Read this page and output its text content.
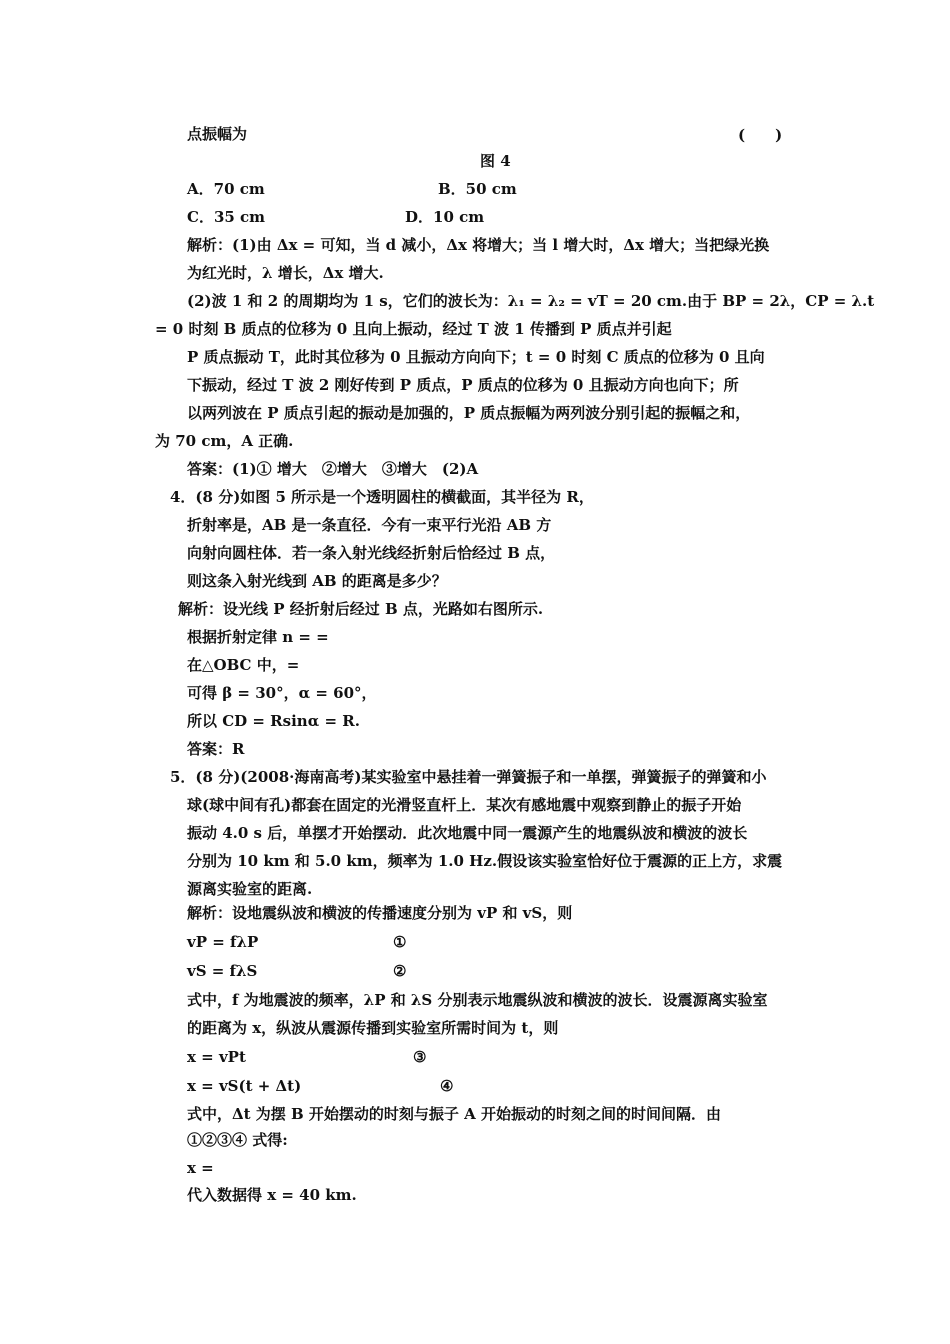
(　　)
点振幅为
图 4
A．70 cm	B．50 cm
C．35 cm	D．10 cm
解析：(1)由 Δx = 可知，当 d 减小，Δx 将增大；当 l 增大时，Δx 增大；当把绿光换
为红光时，λ 增长，Δx 增大.
(2)波 1 和 2 的周期均为 1 s，它们的波长为：λ₁ = λ₂ = vT = 20 cm.由于 BP = 2λ，CP = λ.t
= 0 时刻 B 质点的位移为 0 且向上振动，经过 T 波 1 传播到 P 质点并引起
P 质点振动 T，此时其位移为 0 且振动方向向下；t = 0 时刻 C 质点的位移为 0 且向
下振动，经过 T 波 2 刚好传到 P 质点，P 质点的位移为 0 且振动方向也向下；所
以两列波在 P 质点引起的振动是加强的，P 质点振幅为两列波分别引起的振幅之和，
为 70 cm，A 正确.
答案：(1)① 增大　②增大　③增大　(2)A
4．(8 分)如图 5 所示是一个透明圆柱的横截面，其半径为 R，
折射率是，AB 是一条直径．今有一束平行光沿 AB 方
向射向圆柱体．若一条入射光线经折射后恰经过 B 点，
则这条入射光线到 AB 的距离是多少？
解析：设光线 P 经折射后经过 B 点，光路如右图所示.
根据折射定律 n = =
在△OBC 中，=
可得 β = 30°，α = 60°，
所以 CD = Rsinα = R.
答案：R
5．(8 分)(2008·海南高考)某实验室中悬挂着一弹簧振子和一单摆，弹簧振子的弹簧和小
球(球中间有孔)都套在固定的光滑竖直杆上．某次有感地震中观察到静止的振子开始
振动 4.0 s 后，单摆才开始摆动．此次地震中同一震源产生的地震纵波和横波的波长
分别为 10 km 和 5.0 km，频率为 1.0 Hz.假设该实验室恰好位于震源的正上方，求震
源离实验室的距离.
解析：设地震纵波和横波的传播速度分别为 vP 和 vS，则
vP = fλP	①
vS = fλS	②
式中，f 为地震波的频率，λP 和 λS 分别表示地震纵波和横波的波长．设震源离实验室
的距离为 x，纵波从震源传播到实验室所需时间为 t，则
x = vPt	③
x = vS(t + Δt)	④
式中，Δt 为摆 B 开始摆动的时刻与振子 A 开始振动的时刻之间的时间间隔．由
①②③④ 式得:
x =
代入数据得 x = 40 km.
